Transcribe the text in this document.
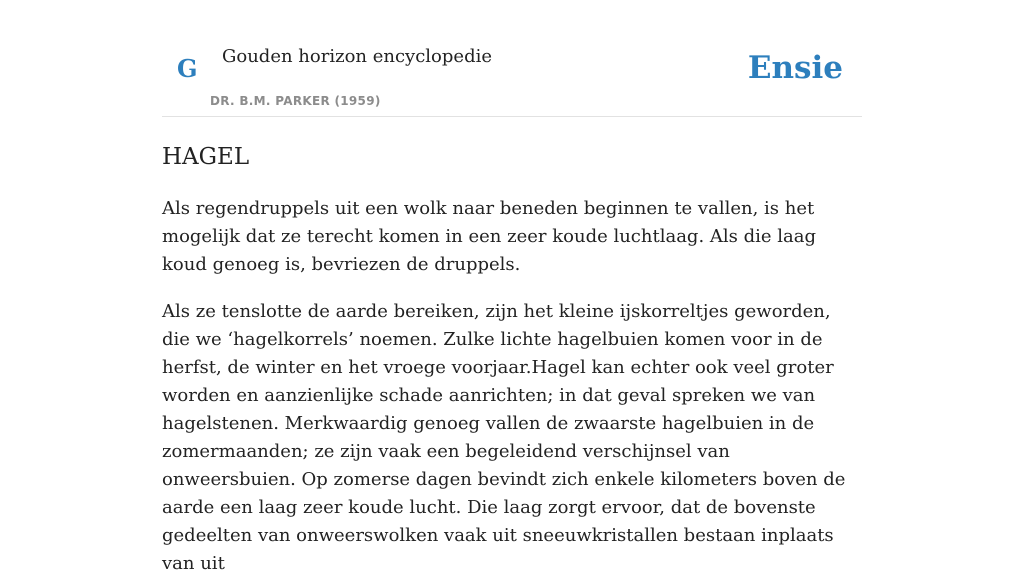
G Gouden horizon encyclopedie
DR. B.M. PARKER (1959)
Ensie
HAGEL

Als regendruppels uit een wolk naar beneden beginnen te vallen, is het mogelijk dat ze terecht komen in een zeer koude luchtlaag. Als die laag koud genoeg is, bevriezen de druppels.

Als ze tenslotte de aarde bereiken, zijn het kleine ijskorreltjes geworden, die we ‘hagelkorrels’ noemen. Zulke lichte hagelbuien komen voor in de herfst, de winter en het vroege voorjaar.Hagel kan echter ook veel groter worden en aanzienlijke schade aanrichten; in dat geval spreken we van hagelstenen. Merkwaardig genoeg vallen de zwaarste hagelbuien in de zomermaanden; ze zijn vaak een begeleidend verschijnsel van onweersbuien. Op zomerse dagen bevindt zich enkele kilometers boven de aarde een laag zeer koude lucht. Die laag zorgt ervoor, dat de bovenste gedeelten van onweerswolken vaak uit sneeuwkristallen bestaan inplaats van uit
